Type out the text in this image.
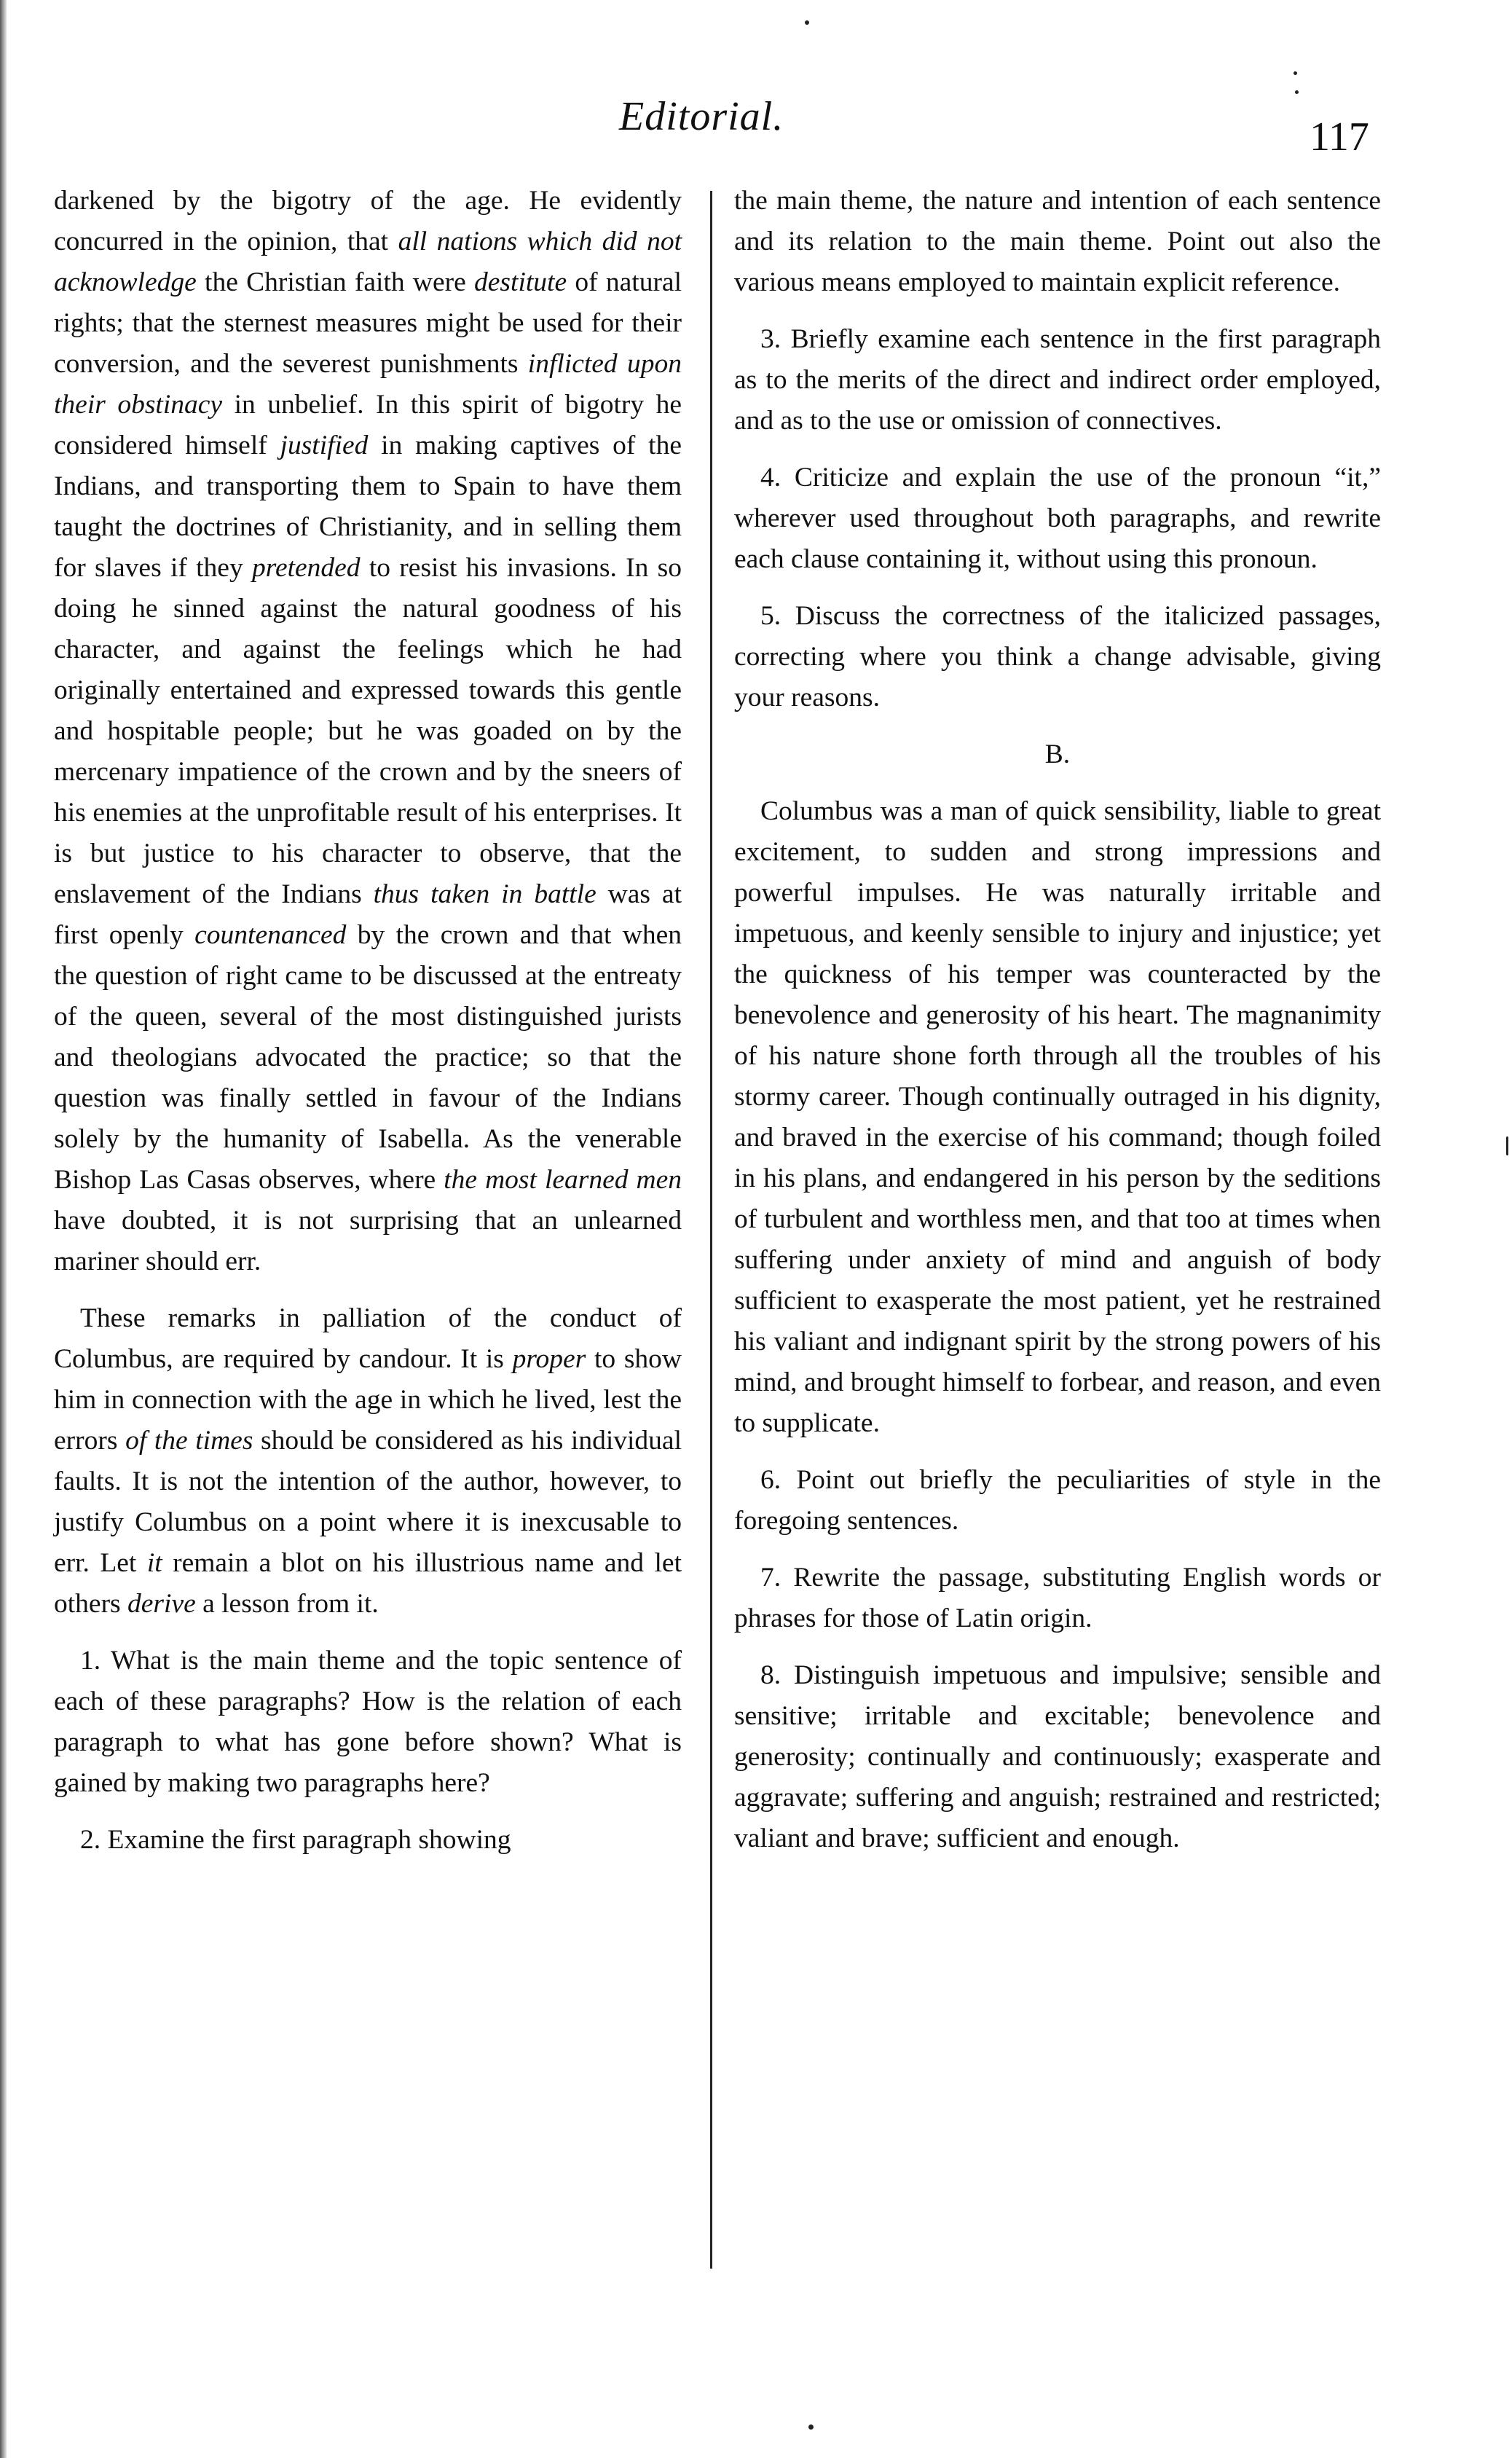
Editorial.	117

darkened by the bigotry of the age. He evidently concurred in the opinion, that all nations which did not acknowledge the Christian faith were destitute of natural rights; that the sternest measures might be used for their conversion, and the severest punishments inflicted upon their obstinacy in unbelief. In this spirit of bigotry he considered himself justified in making captives of the Indians, and transporting them to Spain to have them taught the doctrines of Christianity, and in selling them for slaves if they pretended to resist his invasions. In so doing he sinned against the natural goodness of his character, and against the feelings which he had originally entertained and expressed towards this gentle and hospitable people; but he was goaded on by the mercenary impatience of the crown and by the sneers of his enemies at the unprofitable result of his enterprises. It is but justice to his character to observe, that the enslavement of the Indians thus taken in battle was at first openly countenanced by the crown and that when the question of right came to be discussed at the entreaty of the queen, several of the most distinguished jurists and theologians advocated the practice; so that the question was finally settled in favour of the Indians solely by the humanity of Isabella. As the venerable Bishop Las Casas observes, where the most learned men have doubted, it is not surprising that an unlearned mariner should err.

These remarks in palliation of the conduct of Columbus, are required by candour. It is proper to show him in connection with the age in which he lived, lest the errors of the times should be considered as his individual faults. It is not the intention of the author, however, to justify Columbus on a point where it is inexcusable to err. Let it remain a blot on his illustrious name and let others derive a lesson from it.

1. What is the main theme and the topic sentence of each of these paragraphs? How is the relation of each paragraph to what has gone before shown? What is gained by making two paragraphs here?

2. Examine the first paragraph showing

the main theme, the nature and intention of each sentence and its relation to the main theme. Point out also the various means employed to maintain explicit reference.

3. Briefly examine each sentence in the first paragraph as to the merits of the direct and indirect order employed, and as to the use or omission of connectives.

4. Criticize and explain the use of the pronoun “it,” wherever used throughout both paragraphs, and rewrite each clause containing it, without using this pronoun.

5. Discuss the correctness of the italicized passages, correcting where you think a change advisable, giving your reasons.

B.

Columbus was a man of quick sensibility, liable to great excitement, to sudden and strong impressions and powerful impulses. He was naturally irritable and impetuous, and keenly sensible to injury and injustice; yet the quickness of his temper was counteracted by the benevolence and generosity of his heart. The magnanimity of his nature shone forth through all the troubles of his stormy career. Though continually outraged in his dignity, and braved in the exercise of his command; though foiled in his plans, and endangered in his person by the seditions of turbulent and worthless men, and that too at times when suffering under anxiety of mind and anguish of body sufficient to exasperate the most patient, yet he restrained his valiant and indignant spirit by the strong powers of his mind, and brought himself to forbear, and reason, and even to supplicate.

6. Point out briefly the peculiarities of style in the foregoing sentences.

7. Rewrite the passage, substituting English words or phrases for those of Latin origin.

8. Distinguish impetuous and impulsive; sensible and sensitive; irritable and excitable; benevolence and generosity; continually and continuously; exasperate and aggravate; suffering and anguish; restrained and restricted; valiant and brave; sufficient and enough.
